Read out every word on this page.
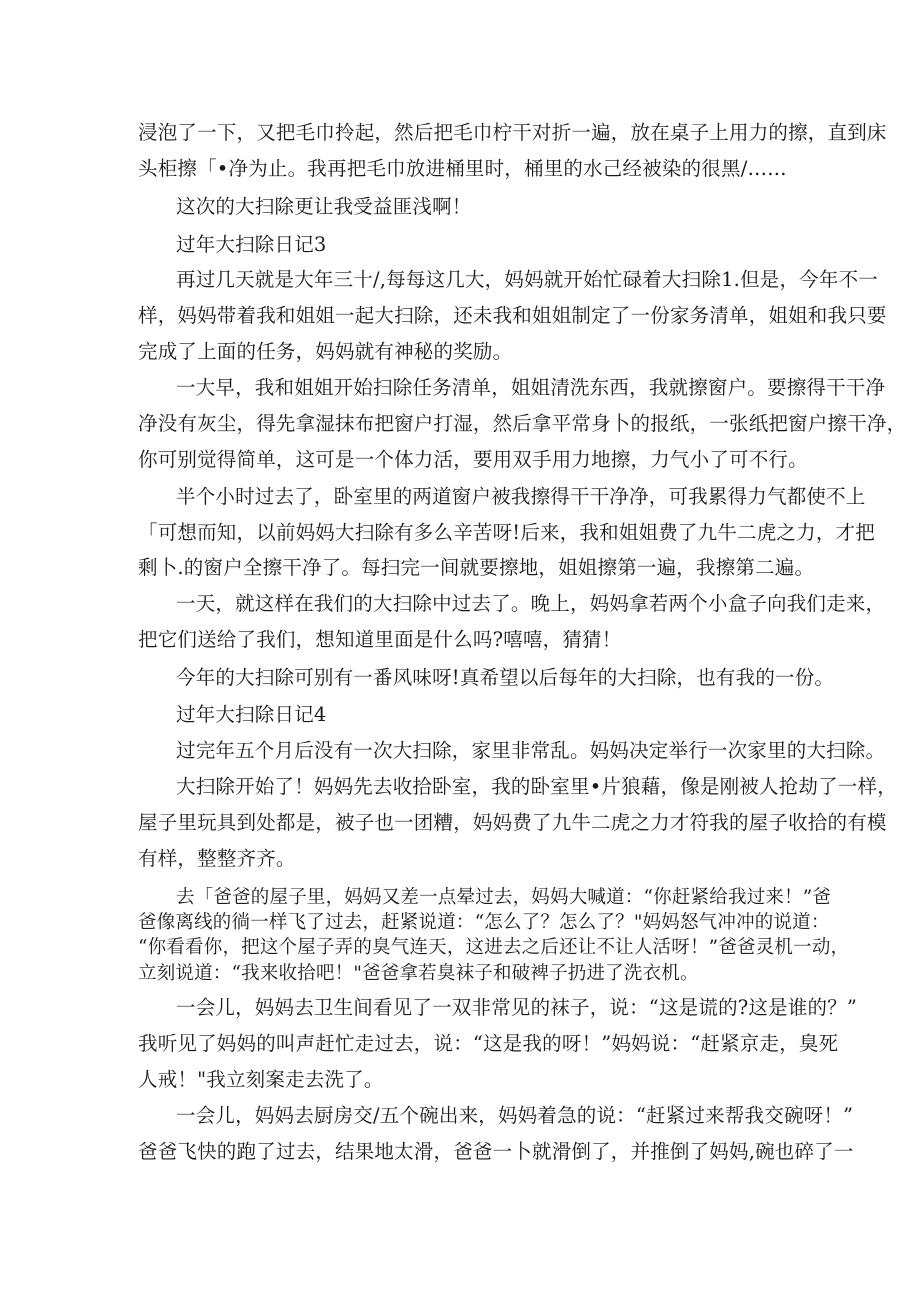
浸泡了一下，又把毛巾拎起，然后把毛巾柠干对折一遍，放在桌子上用力的擦，直到床
头柜擦「•净为止。我再把毛巾放进桶里时，桶里的水己经被染的很黑/……
这次的大扫除更让我受益匪浅啊！
过年大扫除日记3
再过几天就是大年三十/,每每这几大，妈妈就开始忙碌着大扫除1.但是，今年不一
样，妈妈带着我和姐姐一起大扫除，还未我和姐姐制定了一份家务清单，姐姐和我只要
完成了上面的任务，妈妈就有神秘的奖励。
一大早，我和姐姐开始扫除任务清单，姐姐清洗东西，我就擦窗户。要擦得干干净
净没有灰尘，得先拿湿抹布把窗户打湿，然后拿平常身卜的报纸，一张纸把窗户擦干净，
你可别觉得简单，这可是一个体力活，要用双手用力地擦，力气小了可不行。
半个小时过去了，卧室里的两道窗户被我擦得干干净净，可我累得力气都使不上
「可想而知，以前妈妈大扫除有多么辛苦呀!后来，我和姐姐费了九牛二虎之力，才把
剩卜.的窗户全擦干净了。每扫完一间就要擦地，姐姐擦第一遍，我擦第二遍。
一天，就这样在我们的大扫除中过去了。晚上，妈妈拿若两个小盒子向我们走来，
把它们送给了我们，想知道里面是什么吗?嘻嘻，猜猜！
今年的大扫除可别有一番风味呀!真希望以后每年的大扫除，也有我的一份。
过年大扫除日记4
过完年五个月后没有一次大扫除，家里非常乱。妈妈决定举行一次家里的大扫除。
大扫除开始了！妈妈先去收拾卧室，我的卧室里•片狼藉，像是刚被人抢劫了一样，
屋子里玩具到处都是，被子也一团糟，妈妈费了九牛二虎之力才符我的屋子收拾的有模
有样，整整齐齐。
去「爸爸的屋子里，妈妈又差一点晕过去，妈妈大喊道：“你赶紧给我过来！”爸
爸像离线的徜一样飞了过去，赶紧说道：“怎么了？怎么了？"妈妈怒气冲冲的说道：
“你看看你，把这个屋子弄的臭气连天，这进去之后还让不让人活呀！”爸爸灵机一动，
立刻说道：“我来收拾吧！"爸爸拿若臭袜子和破裨子扔进了洗衣机。
一会儿，妈妈去卫生间看见了一双非常见的袜子，说：“这是谎的?这是谁的？”
我听见了妈妈的叫声赶忙走过去，说：“这是我的呀！”妈妈说：“赶紧京走，臭死
人戒！"我立刻案走去洗了。
一会儿，妈妈去厨房交/五个碗出来，妈妈着急的说：“赶紧过来帮我交碗呀！”
爸爸飞快的跑了过去，结果地太滑，爸爸一卜就滑倒了，并推倒了妈妈,碗也碎了一
